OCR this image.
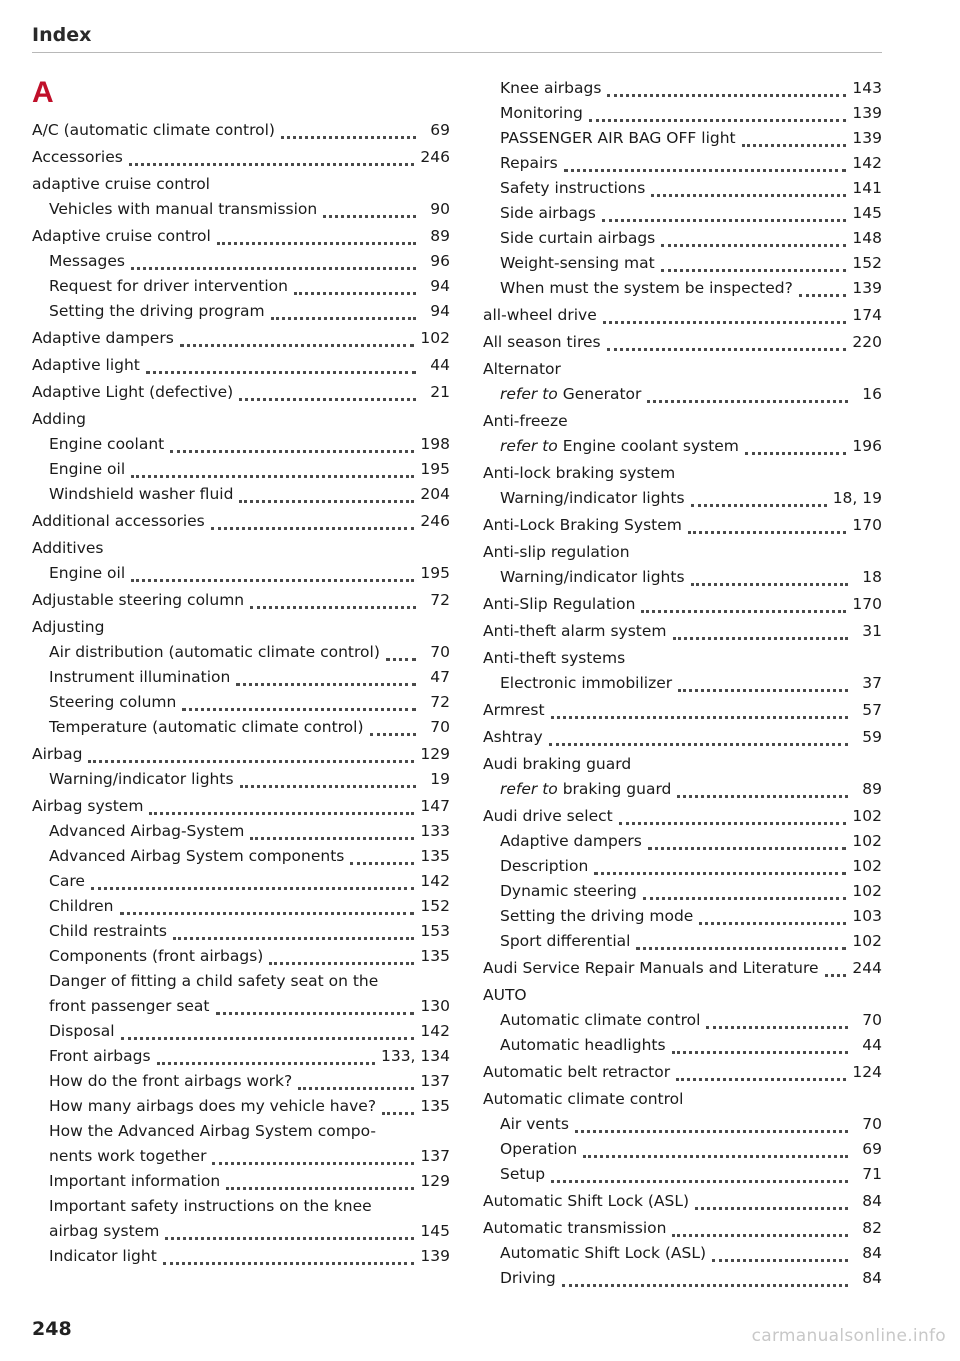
Index
A
A/C (automatic climate control)	69
Accessories	246
adaptive cruise control
Vehicles with manual transmission	90
Adaptive cruise control	89
Messages	96
Request for driver intervention	94
Setting the driving program	94
Adaptive dampers	102
Adaptive light	44
Adaptive Light (defective)	21
Adding
Engine coolant	198
Engine oil	195
Windshield washer fluid	204
Additional accessories	246
Additives
Engine oil	195
Adjustable steering column	72
Adjusting
Air distribution (automatic climate control)	70
Instrument illumination	47
Steering column	72
Temperature (automatic climate control)	70
Airbag	129
Warning/indicator lights	19
Airbag system	147
Advanced Airbag-System	133
Advanced Airbag System components	135
Care	142
Children	152
Child restraints	153
Components (front airbags)	135
Danger of fitting a child safety seat on the
front passenger seat	130
Disposal	142
Front airbags	133, 134
How do the front airbags work?	137
How many airbags does my vehicle have?	135
How the Advanced Airbag System compo-
nents work together	137
Important information	129
Important safety instructions on the knee
airbag system	145
Indicator light	139
Knee airbags	143
Monitoring	139
PASSENGER AIR BAG OFF light	139
Repairs	142
Safety instructions	141
Side airbags	145
Side curtain airbags	148
Weight-sensing mat	152
When must the system be inspected?	139
all-wheel drive	174
All season tires	220
Alternator
refer to Generator	16
Anti-freeze
refer to Engine coolant system	196
Anti-lock braking system
Warning/indicator lights	18, 19
Anti-Lock Braking System	170
Anti-slip regulation
Warning/indicator lights	18
Anti-Slip Regulation	170
Anti-theft alarm system	31
Anti-theft systems
Electronic immobilizer	37
Armrest	57
Ashtray	59
Audi braking guard
refer to braking guard	89
Audi drive select	102
Adaptive dampers	102
Description	102
Dynamic steering	102
Setting the driving mode	103
Sport differential	102
Audi Service Repair Manuals and Literature 244
AUTO
Automatic climate control	70
Automatic headlights	44
Automatic belt retractor	124
Automatic climate control
Air vents	70
Operation	69
Setup	71
Automatic Shift Lock (ASL)	84
Automatic transmission	82
Automatic Shift Lock (ASL)	84
Driving	84
248	carmanualsonline.info
